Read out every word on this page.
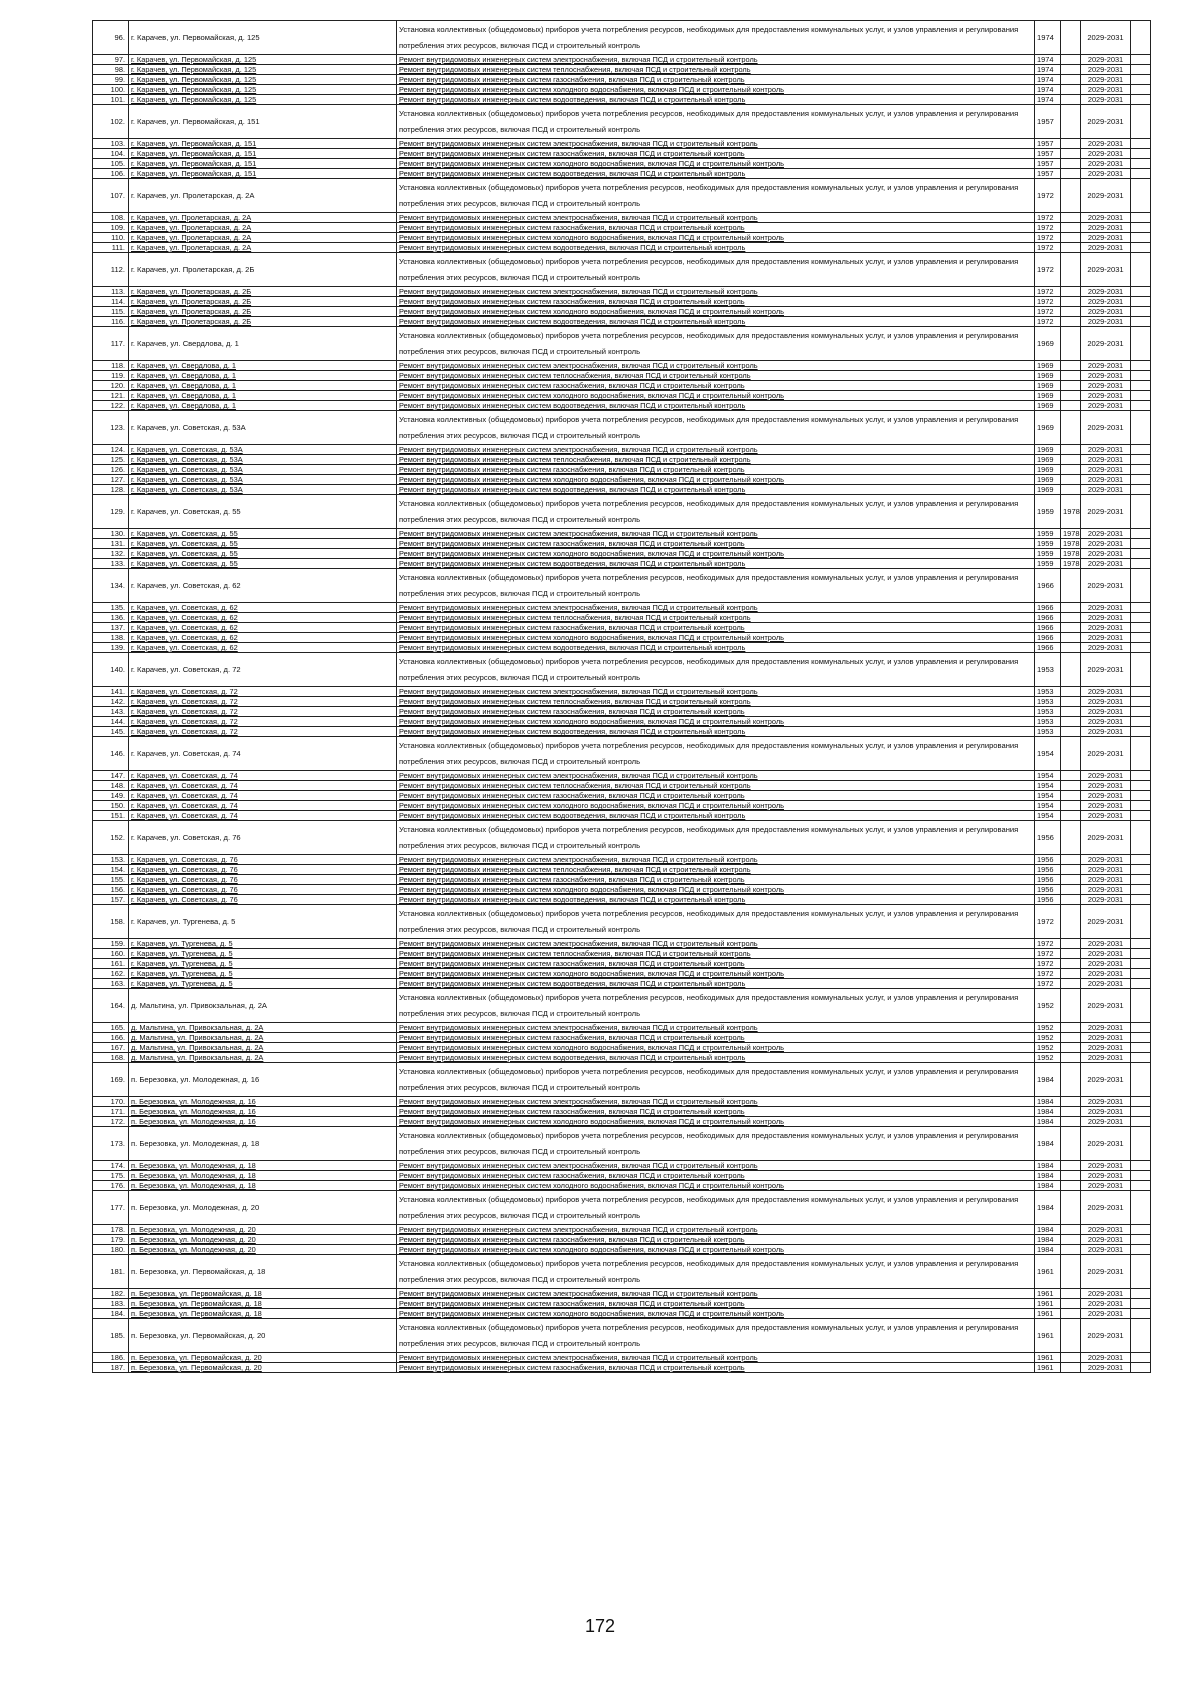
96.	г. Карачев, ул. Первомайская, д. 125	Установка коллективных (общедомовых) приборов учета потребления ресурсов, необходимых для предоставления коммунальных услуг, и узлов управления и регулирования потребления этих ресурсов, включая ПСД и строительный контроль	1974		2029-2031	
97.	г. Карачев, ул. Первомайская, д. 125	Ремонт внутридомовых инженерных систем электроснабжения, включая ПСД и строительный контроль	1974		2029-2031	
98.	г. Карачев, ул. Первомайская, д. 125	Ремонт внутридомовых инженерных систем теплоснабжения, включая ПСД и строительный контроль	1974		2029-2031	
99.	г. Карачев, ул. Первомайская, д. 125	Ремонт внутридомовых инженерных систем газоснабжения, включая ПСД и строительный контроль	1974		2029-2031	
100.	г. Карачев, ул. Первомайская, д. 125	Ремонт внутридомовых инженерных систем холодного водоснабжения, включая ПСД и строительный контроль	1974		2029-2031	
101.	г. Карачев, ул. Первомайская, д. 125	Ремонт внутридомовых инженерных систем водоотведения, включая ПСД и строительный контроль	1974		2029-2031	
102.	г. Карачев, ул. Первомайская, д. 151	Установка коллективных (общедомовых) приборов учета потребления ресурсов, необходимых для предоставления коммунальных услуг, и узлов управления и регулирования потребления этих ресурсов, включая ПСД и строительный контроль	1957		2029-2031	
103.	г. Карачев, ул. Первомайская, д. 151	Ремонт внутридомовых инженерных систем электроснабжения, включая ПСД и строительный контроль	1957		2029-2031	
104.	г. Карачев, ул. Первомайская, д. 151	Ремонт внутридомовых инженерных систем газоснабжения, включая ПСД и строительный контроль	1957		2029-2031	
105.	г. Карачев, ул. Первомайская, д. 151	Ремонт внутридомовых инженерных систем холодного водоснабжения, включая ПСД и строительный контроль	1957		2029-2031	
106.	г. Карачев, ул. Первомайская, д. 151	Ремонт внутридомовых инженерных систем водоотведения, включая ПСД и строительный контроль	1957		2029-2031	
107.	г. Карачев, ул. Пролетарская, д. 2А	Установка коллективных (общедомовых) приборов учета потребления ресурсов, необходимых для предоставления коммунальных услуг, и узлов управления и регулирования потребления этих ресурсов, включая ПСД и строительный контроль	1972		2029-2031	
108.	г. Карачев, ул. Пролетарская, д. 2А	Ремонт внутридомовых инженерных систем электроснабжения, включая ПСД и строительный контроль	1972		2029-2031	
109.	г. Карачев, ул. Пролетарская, д. 2А	Ремонт внутридомовых инженерных систем газоснабжения, включая ПСД и строительный контроль	1972		2029-2031	
110.	г. Карачев, ул. Пролетарская, д. 2А	Ремонт внутридомовых инженерных систем холодного водоснабжения, включая ПСД и строительный контроль	1972		2029-2031	
111.	г. Карачев, ул. Пролетарская, д. 2А	Ремонт внутридомовых инженерных систем водоотведения, включая ПСД и строительный контроль	1972		2029-2031	
112.	г. Карачев, ул. Пролетарская, д. 2Б	Установка коллективных (общедомовых) приборов учета потребления ресурсов, необходимых для предоставления коммунальных услуг, и узлов управления и регулирования потребления этих ресурсов, включая ПСД и строительный контроль	1972		2029-2031	
113.	г. Карачев, ул. Пролетарская, д. 2Б	Ремонт внутридомовых инженерных систем электроснабжения, включая ПСД и строительный контроль	1972		2029-2031	
114.	г. Карачев, ул. Пролетарская, д. 2Б	Ремонт внутридомовых инженерных систем газоснабжения, включая ПСД и строительный контроль	1972		2029-2031	
115.	г. Карачев, ул. Пролетарская, д. 2Б	Ремонт внутридомовых инженерных систем холодного водоснабжения, включая ПСД и строительный контроль	1972		2029-2031	
116.	г. Карачев, ул. Пролетарская, д. 2Б	Ремонт внутридомовых инженерных систем водоотведения, включая ПСД и строительный контроль	1972		2029-2031	
117.	г. Карачев, ул. Свердлова, д. 1	Установка коллективных (общедомовых) приборов учета потребления ресурсов, необходимых для предоставления коммунальных услуг, и узлов управления и регулирования потребления этих ресурсов, включая ПСД и строительный контроль	1969		2029-2031	
118.	г. Карачев, ул. Свердлова, д. 1	Ремонт внутридомовых инженерных систем электроснабжения, включая ПСД и строительный контроль	1969		2029-2031	
119.	г. Карачев, ул. Свердлова, д. 1	Ремонт внутридомовых инженерных систем теплоснабжения, включая ПСД и строительный контроль	1969		2029-2031	
120.	г. Карачев, ул. Свердлова, д. 1	Ремонт внутридомовых инженерных систем газоснабжения, включая ПСД и строительный контроль	1969		2029-2031	
121.	г. Карачев, ул. Свердлова, д. 1	Ремонт внутридомовых инженерных систем холодного водоснабжения, включая ПСД и строительный контроль	1969		2029-2031	
122.	г. Карачев, ул. Свердлова, д. 1	Ремонт внутридомовых инженерных систем водоотведения, включая ПСД и строительный контроль	1969		2029-2031	
123.	г. Карачев, ул. Советская, д. 53А	Установка коллективных (общедомовых) приборов учета потребления ресурсов, необходимых для предоставления коммунальных услуг, и узлов управления и регулирования потребления этих ресурсов, включая ПСД и строительный контроль	1969		2029-2031	
124.	г. Карачев, ул. Советская, д. 53А	Ремонт внутридомовых инженерных систем электроснабжения, включая ПСД и строительный контроль	1969		2029-2031	
125.	г. Карачев, ул. Советская, д. 53А	Ремонт внутридомовых инженерных систем теплоснабжения, включая ПСД и строительный контроль	1969		2029-2031	
126.	г. Карачев, ул. Советская, д. 53А	Ремонт внутридомовых инженерных систем газоснабжения, включая ПСД и строительный контроль	1969		2029-2031	
127.	г. Карачев, ул. Советская, д. 53А	Ремонт внутридомовых инженерных систем холодного водоснабжения, включая ПСД и строительный контроль	1969		2029-2031	
128.	г. Карачев, ул. Советская, д. 53А	Ремонт внутридомовых инженерных систем водоотведения, включая ПСД и строительный контроль	1969		2029-2031	
129.	г. Карачев, ул. Советская, д. 55	Установка коллективных (общедомовых) приборов учета потребления ресурсов, необходимых для предоставления коммунальных услуг, и узлов управления и регулирования потребления этих ресурсов, включая ПСД и строительный контроль	1959	1978	2029-2031	
130.	г. Карачев, ул. Советская, д. 55	Ремонт внутридомовых инженерных систем электроснабжения, включая ПСД и строительный контроль	1959	1978	2029-2031	
131.	г. Карачев, ул. Советская, д. 55	Ремонт внутридомовых инженерных систем газоснабжения, включая ПСД и строительный контроль	1959	1978	2029-2031	
132.	г. Карачев, ул. Советская, д. 55	Ремонт внутридомовых инженерных систем холодного водоснабжения, включая ПСД и строительный контроль	1959	1978	2029-2031	
133.	г. Карачев, ул. Советская, д. 55	Ремонт внутридомовых инженерных систем водоотведения, включая ПСД и строительный контроль	1959	1978	2029-2031	
134.	г. Карачев, ул. Советская, д. 62	Установка коллективных (общедомовых) приборов учета потребления ресурсов, необходимых для предоставления коммунальных услуг, и узлов управления и регулирования потребления этих ресурсов, включая ПСД и строительный контроль	1966		2029-2031	
135.	г. Карачев, ул. Советская, д. 62	Ремонт внутридомовых инженерных систем электроснабжения, включая ПСД и строительный контроль	1966		2029-2031	
136.	г. Карачев, ул. Советская, д. 62	Ремонт внутридомовых инженерных систем теплоснабжения, включая ПСД и строительный контроль	1966		2029-2031	
137.	г. Карачев, ул. Советская, д. 62	Ремонт внутридомовых инженерных систем газоснабжения, включая ПСД и строительный контроль	1966		2029-2031	
138.	г. Карачев, ул. Советская, д. 62	Ремонт внутридомовых инженерных систем холодного водоснабжения, включая ПСД и строительный контроль	1966		2029-2031	
139.	г. Карачев, ул. Советская, д. 62	Ремонт внутридомовых инженерных систем водоотведения, включая ПСД и строительный контроль	1966		2029-2031	
140.	г. Карачев, ул. Советская, д. 72	Установка коллективных (общедомовых) приборов учета потребления ресурсов, необходимых для предоставления коммунальных услуг, и узлов управления и регулирования потребления этих ресурсов, включая ПСД и строительный контроль	1953		2029-2031	
141.	г. Карачев, ул. Советская, д. 72	Ремонт внутридомовых инженерных систем электроснабжения, включая ПСД и строительный контроль	1953		2029-2031	
142.	г. Карачев, ул. Советская, д. 72	Ремонт внутридомовых инженерных систем теплоснабжения, включая ПСД и строительный контроль	1953		2029-2031	
143.	г. Карачев, ул. Советская, д. 72	Ремонт внутридомовых инженерных систем газоснабжения, включая ПСД и строительный контроль	1953		2029-2031	
144.	г. Карачев, ул. Советская, д. 72	Ремонт внутридомовых инженерных систем холодного водоснабжения, включая ПСД и строительный контроль	1953		2029-2031	
145.	г. Карачев, ул. Советская, д. 72	Ремонт внутридомовых инженерных систем водоотведения, включая ПСД и строительный контроль	1953		2029-2031	
146.	г. Карачев, ул. Советская, д. 74	Установка коллективных (общедомовых) приборов учета потребления ресурсов, необходимых для предоставления коммунальных услуг, и узлов управления и регулирования потребления этих ресурсов, включая ПСД и строительный контроль	1954		2029-2031	
147.	г. Карачев, ул. Советская, д. 74	Ремонт внутридомовых инженерных систем электроснабжения, включая ПСД и строительный контроль	1954		2029-2031	
148.	г. Карачев, ул. Советская, д. 74	Ремонт внутридомовых инженерных систем теплоснабжения, включая ПСД и строительный контроль	1954		2029-2031	
149.	г. Карачев, ул. Советская, д. 74	Ремонт внутридомовых инженерных систем газоснабжения, включая ПСД и строительный контроль	1954		2029-2031	
150.	г. Карачев, ул. Советская, д. 74	Ремонт внутридомовых инженерных систем холодного водоснабжения, включая ПСД и строительный контроль	1954		2029-2031	
151.	г. Карачев, ул. Советская, д. 74	Ремонт внутридомовых инженерных систем водоотведения, включая ПСД и строительный контроль	1954		2029-2031	
152.	г. Карачев, ул. Советская, д. 76	Установка коллективных (общедомовых) приборов учета потребления ресурсов, необходимых для предоставления коммунальных услуг, и узлов управления и регулирования потребления этих ресурсов, включая ПСД и строительный контроль	1956		2029-2031	
153.	г. Карачев, ул. Советская, д. 76	Ремонт внутридомовых инженерных систем электроснабжения, включая ПСД и строительный контроль	1956		2029-2031	
154.	г. Карачев, ул. Советская, д. 76	Ремонт внутридомовых инженерных систем теплоснабжения, включая ПСД и строительный контроль	1956		2029-2031	
155.	г. Карачев, ул. Советская, д. 76	Ремонт внутридомовых инженерных систем газоснабжения, включая ПСД и строительный контроль	1956		2029-2031	
156.	г. Карачев, ул. Советская, д. 76	Ремонт внутридомовых инженерных систем холодного водоснабжения, включая ПСД и строительный контроль	1956		2029-2031	
157.	г. Карачев, ул. Советская, д. 76	Ремонт внутридомовых инженерных систем водоотведения, включая ПСД и строительный контроль	1956		2029-2031	
158.	г. Карачев, ул. Тургенева, д. 5	Установка коллективных (общедомовых) приборов учета потребления ресурсов, необходимых для предоставления коммунальных услуг, и узлов управления и регулирования потребления этих ресурсов, включая ПСД и строительный контроль	1972		2029-2031	
159.	г. Карачев, ул. Тургенева, д. 5	Ремонт внутридомовых инженерных систем электроснабжения, включая ПСД и строительный контроль	1972		2029-2031	
160.	г. Карачев, ул. Тургенева, д. 5	Ремонт внутридомовых инженерных систем теплоснабжения, включая ПСД и строительный контроль	1972		2029-2031	
161.	г. Карачев, ул. Тургенева, д. 5	Ремонт внутридомовых инженерных систем газоснабжения, включая ПСД и строительный контроль	1972		2029-2031	
162.	г. Карачев, ул. Тургенева, д. 5	Ремонт внутридомовых инженерных систем холодного водоснабжения, включая ПСД и строительный контроль	1972		2029-2031	
163.	г. Карачев, ул. Тургенева, д. 5	Ремонт внутридомовых инженерных систем водоотведения, включая ПСД и строительный контроль	1972		2029-2031	
164.	д. Мальтина, ул. Привокзальная, д. 2А	Установка коллективных (общедомовых) приборов учета потребления ресурсов, необходимых для предоставления коммунальных услуг, и узлов управления и регулирования потребления этих ресурсов, включая ПСД и строительный контроль	1952		2029-2031	
165.	д. Мальтина, ул. Привокзальная, д. 2А	Ремонт внутридомовых инженерных систем электроснабжения, включая ПСД и строительный контроль	1952		2029-2031	
166.	д. Мальтина, ул. Привокзальная, д. 2А	Ремонт внутридомовых инженерных систем газоснабжения, включая ПСД и строительный контроль	1952		2029-2031	
167.	д. Мальтина, ул. Привокзальная, д. 2А	Ремонт внутридомовых инженерных систем холодного водоснабжения, включая ПСД и строительный контроль	1952		2029-2031	
168.	д. Мальтина, ул. Привокзальная, д. 2А	Ремонт внутридомовых инженерных систем водоотведения, включая ПСД и строительный контроль	1952		2029-2031	
169.	п. Березовка, ул. Молодежная, д. 16	Установка коллективных (общедомовых) приборов учета потребления ресурсов, необходимых для предоставления коммунальных услуг, и узлов управления и регулирования потребления этих ресурсов, включая ПСД и строительный контроль	1984		2029-2031	
170.	п. Березовка, ул. Молодежная, д. 16	Ремонт внутридомовых инженерных систем электроснабжения, включая ПСД и строительный контроль	1984		2029-2031	
171.	п. Березовка, ул. Молодежная, д. 16	Ремонт внутридомовых инженерных систем газоснабжения, включая ПСД и строительный контроль	1984		2029-2031	
172.	п. Березовка, ул. Молодежная, д. 16	Ремонт внутридомовых инженерных систем холодного водоснабжения, включая ПСД и строительный контроль	1984		2029-2031	
173.	п. Березовка, ул. Молодежная, д. 18	Установка коллективных (общедомовых) приборов учета потребления ресурсов, необходимых для предоставления коммунальных услуг, и узлов управления и регулирования потребления этих ресурсов, включая ПСД и строительный контроль	1984		2029-2031	
174.	п. Березовка, ул. Молодежная, д. 18	Ремонт внутридомовых инженерных систем электроснабжения, включая ПСД и строительный контроль	1984		2029-2031	
175.	п. Березовка, ул. Молодежная, д. 18	Ремонт внутридомовых инженерных систем газоснабжения, включая ПСД и строительный контроль	1984		2029-2031	
176.	п. Березовка, ул. Молодежная, д. 18	Ремонт внутридомовых инженерных систем холодного водоснабжения, включая ПСД и строительный контроль	1984		2029-2031	
177.	п. Березовка, ул. Молодежная, д. 20	Установка коллективных (общедомовых) приборов учета потребления ресурсов, необходимых для предоставления коммунальных услуг, и узлов управления и регулирования потребления этих ресурсов, включая ПСД и строительный контроль	1984		2029-2031	
178.	п. Березовка, ул. Молодежная, д. 20	Ремонт внутридомовых инженерных систем электроснабжения, включая ПСД и строительный контроль	1984		2029-2031	
179.	п. Березовка, ул. Молодежная, д. 20	Ремонт внутридомовых инженерных систем газоснабжения, включая ПСД и строительный контроль	1984		2029-2031	
180.	п. Березовка, ул. Молодежная, д. 20	Ремонт внутридомовых инженерных систем холодного водоснабжения, включая ПСД и строительный контроль	1984		2029-2031	
181.	п. Березовка, ул. Первомайская, д. 18	Установка коллективных (общедомовых) приборов учета потребления ресурсов, необходимых для предоставления коммунальных услуг, и узлов управления и регулирования потребления этих ресурсов, включая ПСД и строительный контроль	1961		2029-2031	
182.	п. Березовка, ул. Первомайская, д. 18	Ремонт внутридомовых инженерных систем электроснабжения, включая ПСД и строительный контроль	1961		2029-2031	
183.	п. Березовка, ул. Первомайская, д. 18	Ремонт внутридомовых инженерных систем газоснабжения, включая ПСД и строительный контроль	1961		2029-2031	
184.	п. Березовка, ул. Первомайская, д. 18	Ремонт внутридомовых инженерных систем холодного водоснабжения, включая ПСД и строительный контроль	1961		2029-2031	
185.	п. Березовка, ул. Первомайская, д. 20	Установка коллективных (общедомовых) приборов учета потребления ресурсов, необходимых для предоставления коммунальных услуг, и узлов управления и регулирования потребления этих ресурсов, включая ПСД и строительный контроль	1961		2029-2031	
186.	п. Березовка, ул. Первомайская, д. 20	Ремонт внутридомовых инженерных систем электроснабжения, включая ПСД и строительный контроль	1961		2029-2031	
187.	п. Березовка, ул. Первомайская, д. 20	Ремонт внутридомовых инженерных систем газоснабжения, включая ПСД и строительный контроль	1961		2029-2031	
172
